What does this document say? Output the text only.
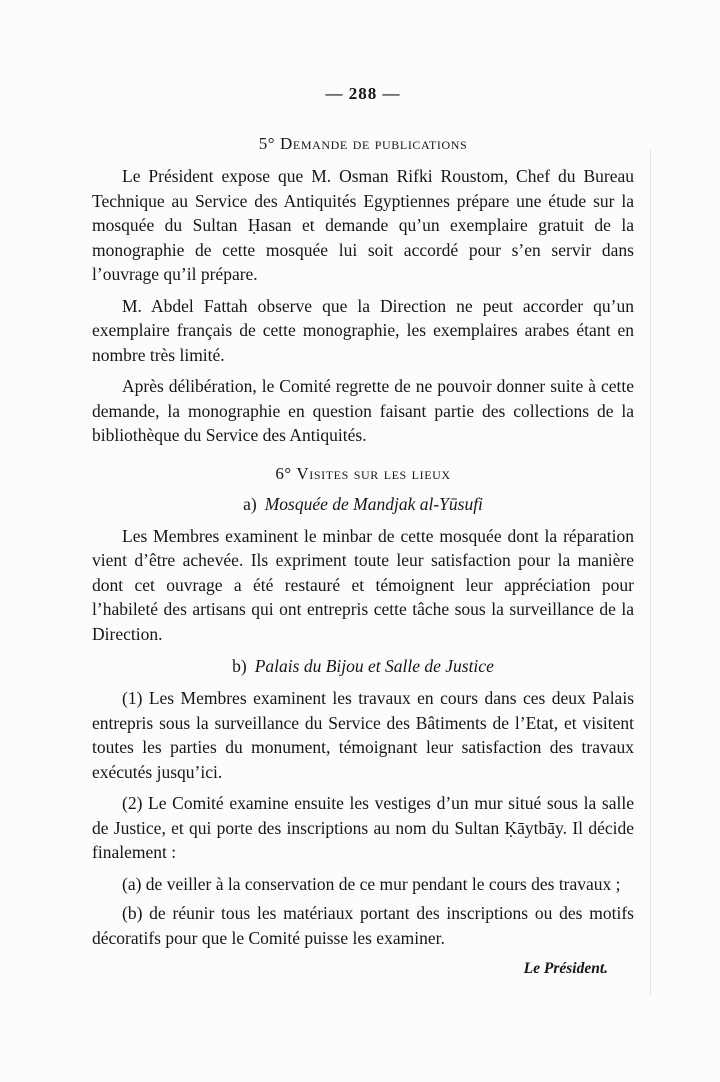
— 288 —
5° Demande de publications

Le Président expose que M. Osman Rifki Roustom, Chef du Bureau Technique au Service des Antiquités Egyptiennes prépare une étude sur la mosquée du Sultan Ḥasan et demande qu’un exemplaire gratuit de la monographie de cette mosquée lui soit accordé pour s’en servir dans l’ouvrage qu’il prépare.

M. Abdel Fattah observe que la Direction ne peut accorder qu’un exemplaire français de cette monographie, les exemplaires arabes étant en nombre très limité.

Après délibération, le Comité regrette de ne pouvoir donner suite à cette demande, la monographie en question faisant partie des collections de la bibliothèque du Service des Antiquités.

6° Visites sur les lieux
a) Mosquée de Mandjak al-Yūsufi

Les Membres examinent le minbar de cette mosquée dont la réparation vient d’être achevée. Ils expriment toute leur satisfaction pour la manière dont cet ouvrage a été restauré et témoignent leur appréciation pour l’habileté des artisans qui ont entrepris cette tâche sous la surveillance de la Direction.

b) Palais du Bijou et Salle de Justice

(1) Les Membres examinent les travaux en cours dans ces deux Palais entrepris sous la surveillance du Service des Bâtiments de l’Etat, et visitent toutes les parties du monument, témoignant leur satisfaction des travaux exécutés jusqu’ici.

(2) Le Comité examine ensuite les vestiges d’un mur situé sous la salle de Justice, et qui porte des inscriptions au nom du Sultan Ḳāytbāy. Il décide finalement :

(a) de veiller à la conservation de ce mur pendant le cours des travaux ;

(b) de réunir tous les matériaux portant des inscriptions ou des motifs décoratifs pour que le Comité puisse les examiner.

Le Président.
